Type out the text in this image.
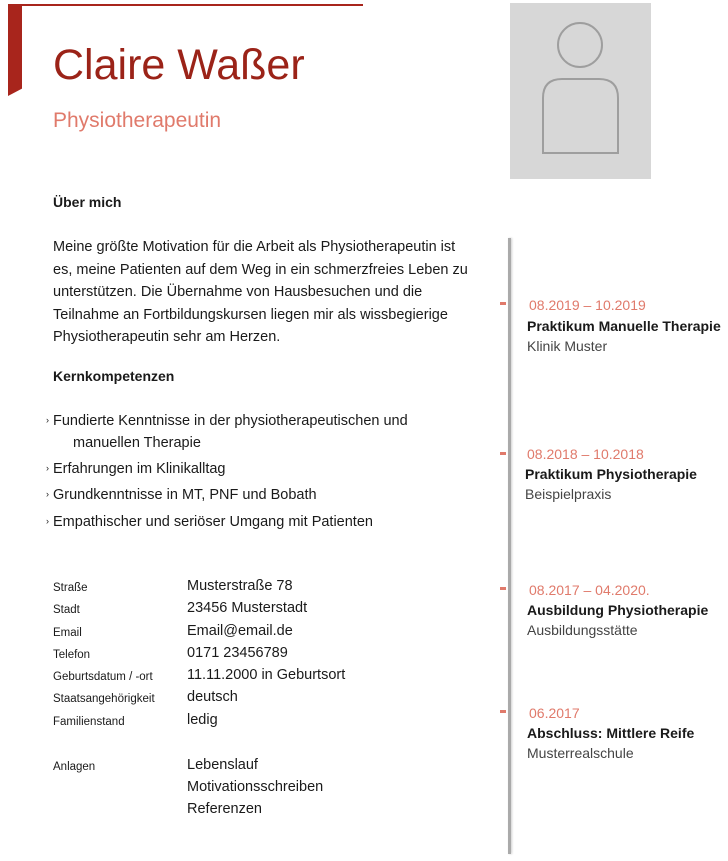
Claire Waßer
Physiotherapeutin
Über mich
Meine größte Motivation für die Arbeit als Physiotherapeutin ist es, meine Patienten auf dem Weg in ein schmerzfreies Leben zu unterstützen. Die Übernahme von Hausbesuchen und die Teilnahme an Fortbildungskursen liegen mir als wissbegierige Physiotherapeutin sehr am Herzen.
Kernkompetenzen
› Fundierte Kenntnisse in der physiotherapeutischen und
manuellen Therapie
› Erfahrungen im Klinikalltag
› Grundkenntnisse in MT, PNF und Bobath
› Empathischer und seriöser Umgang mit Patienten
Straße	Musterstraße 78
Stadt	23456 Musterstadt
Email	Email@email.de
Telefon	0171 23456789
Geburtsdatum / -ort 11.11.2000 in Geburtsort
Staatsangehörigkeit deutsch
Familienstand	ledig
Anlagen	Lebenslauf
Motivationsschreiben
Referenzen
08.2019 – 10.2019
Praktikum Manuelle Therapie
Klinik Muster
08.2018 – 10.2018
Praktikum Physiotherapie
Beispielpraxis
08.2017 – 04.2020.
Ausbildung Physiotherapie
Ausbildungsstätte
06.2017
Abschluss: Mittlere Reife
Musterrealschule
